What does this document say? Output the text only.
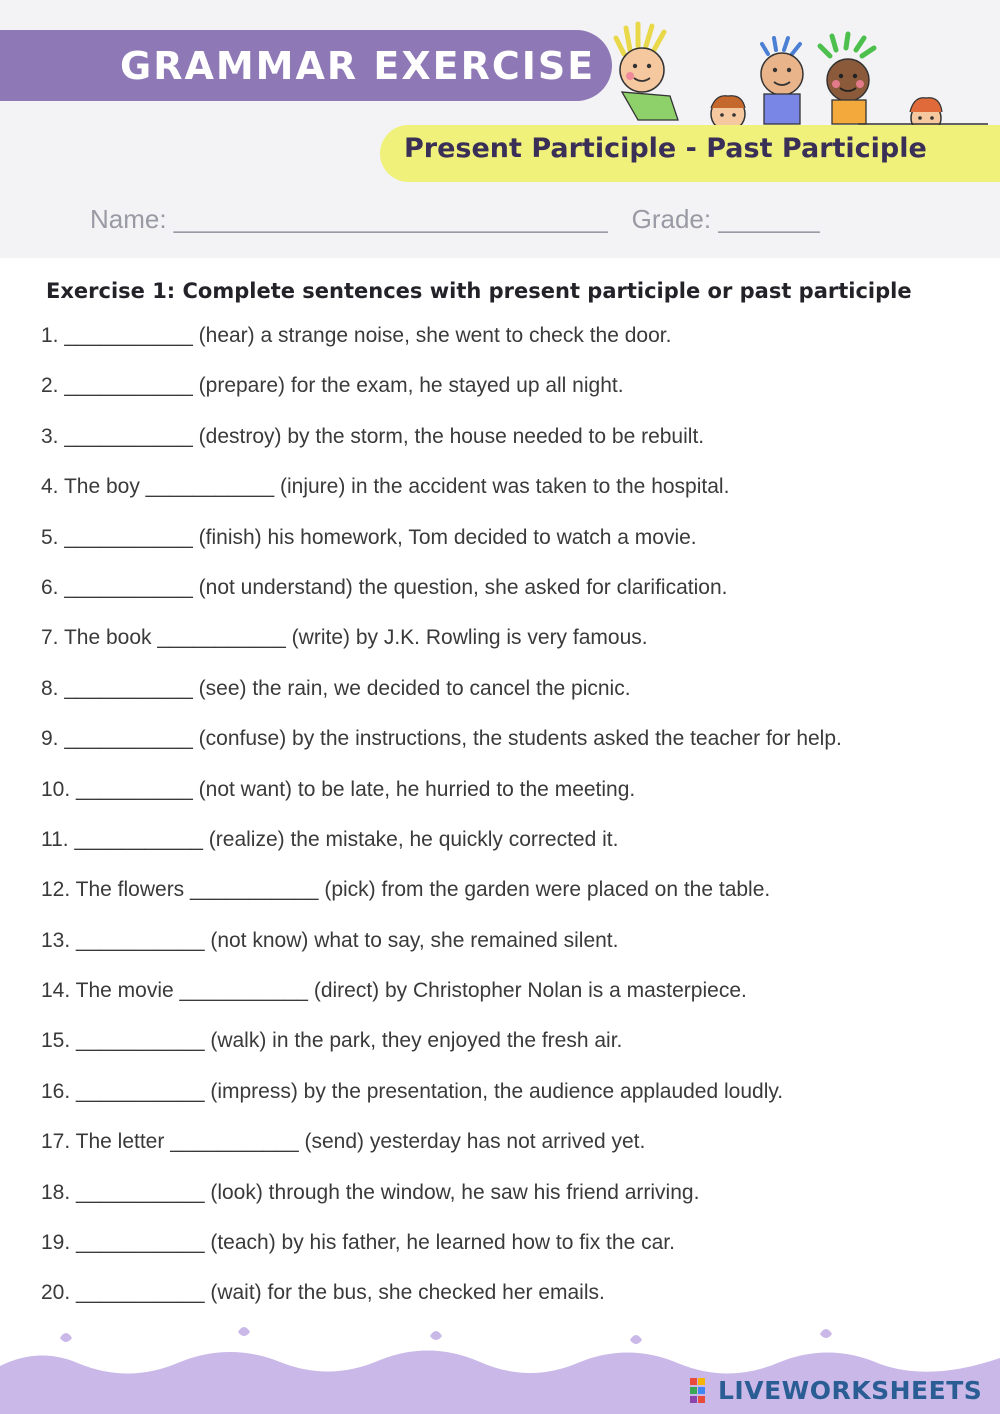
GRAMMAR EXERCISE
Present Participle - Past Participle
Name: ______________________________ Grade: _______
Exercise 1: Complete sentences with present participle or past participle
1. ___________ (hear) a strange noise, she went to check the door.
2. ___________ (prepare) for the exam, he stayed up all night.
3. ___________ (destroy) by the storm, the house needed to be rebuilt.
4. The boy ___________ (injure) in the accident was taken to the hospital.
5. ___________ (finish) his homework, Tom decided to watch a movie.
6. ___________ (not understand) the question, she asked for clarification.
7. The book ___________ (write) by J.K. Rowling is very famous.
8. ___________ (see) the rain, we decided to cancel the picnic.
9. ___________ (confuse) by the instructions, the students asked the teacher for help.
10. __________ (not want) to be late, he hurried to the meeting.
11. ___________ (realize) the mistake, he quickly corrected it.
12. The flowers ___________ (pick) from the garden were placed on the table.
13. ___________ (not know) what to say, she remained silent.
14. The movie ___________ (direct) by Christopher Nolan is a masterpiece.
15. ___________ (walk) in the park, they enjoyed the fresh air.
16. ___________ (impress) by the presentation, the audience applauded loudly.
17. The letter ___________ (send) yesterday has not arrived yet.
18. ___________ (look) through the window, he saw his friend arriving.
19. ___________ (teach) by his father, he learned how to fix the car.
20. ___________ (wait) for the bus, she checked her emails.
LIVEWORKSHEETS
